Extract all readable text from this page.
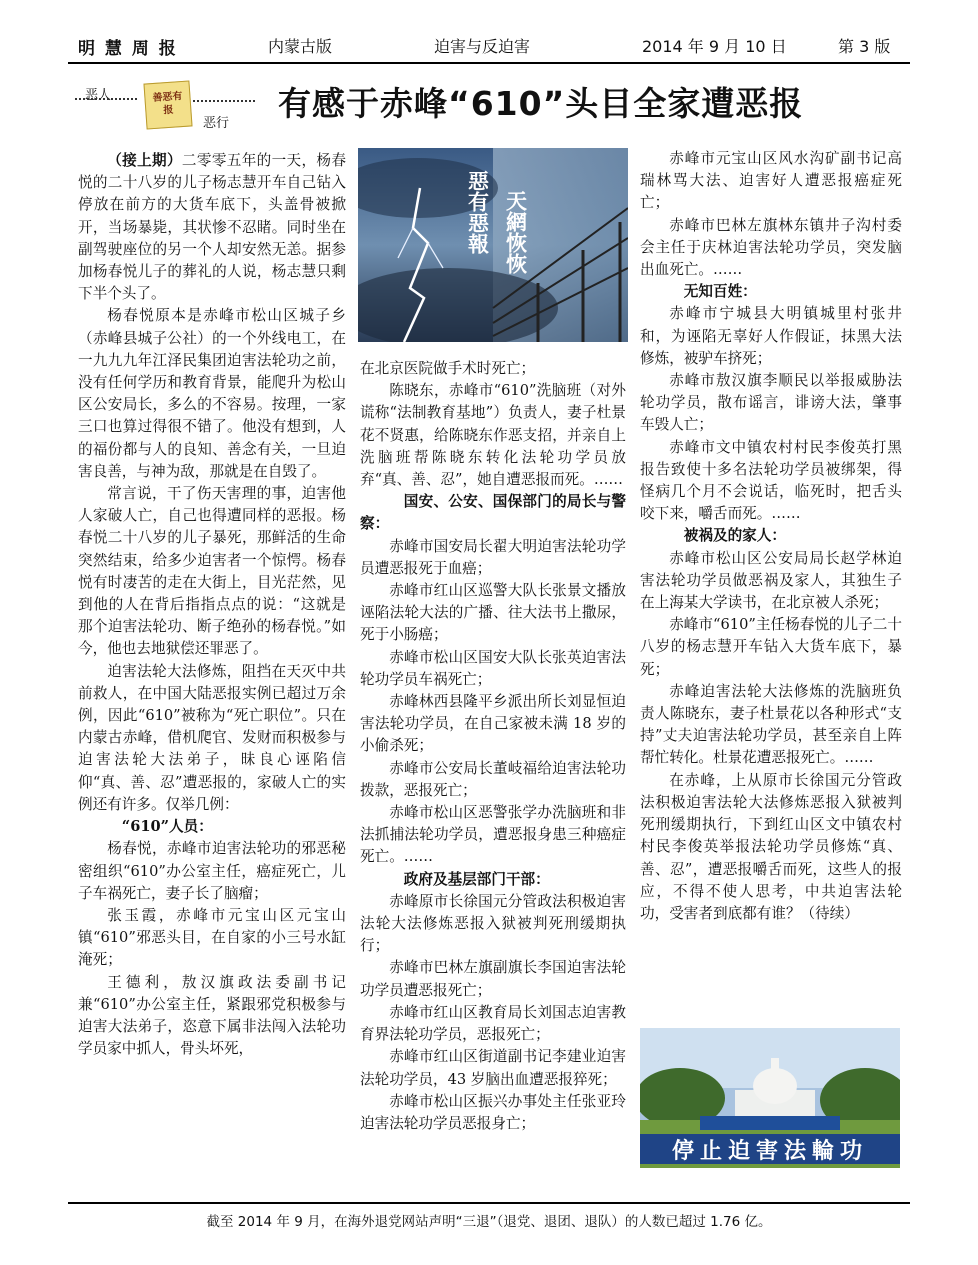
明 慧 周 报	内蒙古版	迫害与反迫害	2014 年 9 月 10 日	第 3 版
恶人	善恶有报
恶行
有感于赤峰“610”头目全家遭恶报

（接上期）二零零五年的一天，杨春悦的二十八岁的儿子杨志慧开车自己钻入停放在前方的大货车底下，头盖骨被掀开，当场暴毙，其状惨不忍睹。同时坐在副驾驶座位的另一个人却安然无恙。据参加杨春悦儿子的葬礼的人说，杨志慧只剩下半个头了。

杨春悦原本是赤峰市松山区城子乡（赤峰县城子公社）的一个外线电工，在一九九九年江泽民集团迫害法轮功之前，没有任何学历和教育背景，能爬升为松山区公安局长，多么的不容易。按理，一家三口也算过得很不错了。他没有想到，人的福份都与人的良知、善念有关，一旦迫害良善，与神为敌，那就是在自毁了。

常言说，干了伤天害理的事，迫害他人家破人亡，自己也得遭同样的恶报。杨春悦二十八岁的儿子暴死，那鲜活的生命突然结束，给多少迫害者一个惊愕。杨春悦有时凄苦的走在大街上，目光茫然，见到他的人在背后指指点点的说：“这就是那个迫害法轮功、断子绝孙的杨春悦。”如今，他也去地狱偿还罪恶了。

迫害法轮大法修炼，阻挡在天灭中共前救人，在中国大陆恶报实例已超过万余例，因此“610”被称为“死亡职位”。只在内蒙古赤峰，借机爬官、发财而积极参与迫害法轮大法弟子，昧良心诬陷信仰“真、善、忍”遭恶报的，家破人亡的实例还有许多。仅举几例：

“610”人员：

杨春悦，赤峰市迫害法轮功的邪恶秘密组织“610”办公室主任，癌症死亡，儿子车祸死亡，妻子长了脑瘤；

张玉霞，赤峰市元宝山区元宝山镇“610”邪恶头目，在自家的小三号水缸淹死；

王德利，敖汉旗政法委副书记兼“610”办公室主任，紧跟邪党积极参与迫害大法弟子，恣意下属非法闯入法轮功学员家中抓人，骨头坏死，

天網恢恢
惡有惡報

在北京医院做手术时死亡；

陈晓东，赤峰市“610”洗脑班（对外谎称“法制教育基地”）负责人，妻子杜景花不贤惠，给陈晓东作恶支招，并亲自上洗脑班帮陈晓东转化法轮功学员放弃“真、善、忍”，她自遭恶报而死。……

国安、公安、国保部门的局长与警察：

赤峰市国安局长翟大明迫害法轮功学员遭恶报死于血癌；

赤峰市红山区巡警大队长张景文播放诬陷法轮大法的广播、往大法书上撒尿，死于小肠癌；

赤峰市松山区国安大队长张英迫害法轮功学员车祸死亡；

赤峰林西县隆平乡派出所长刘显恒迫害法轮功学员，在自己家被未满 18 岁的小偷杀死；

赤峰市公安局长董岐福给迫害法轮功拨款，恶报死亡；

赤峰市松山区恶警张学办洗脑班和非法抓捕法轮功学员，遭恶报身患三种癌症死亡。……

政府及基层部门干部：

赤峰原市长徐国元分管政法积极迫害法轮大法修炼恶报入狱被判死刑缓期执行；

赤峰市巴林左旗副旗长李国迫害法轮功学员遭恶报死亡；

赤峰市红山区教育局长刘国志迫害教育界法轮功学员，恶报死亡；

赤峰市红山区街道副书记李建业迫害法轮功学员，43 岁脑出血遭恶报猝死；

赤峰市松山区振兴办事处主任张亚玲迫害法轮功学员恶报身亡；

赤峰市元宝山区风水沟矿副书记高瑞林骂大法、迫害好人遭恶报癌症死亡；

赤峰市巴林左旗林东镇井子沟村委会主任于庆林迫害法轮功学员，突发脑出血死亡。……

无知百姓：

赤峰市宁城县大明镇城里村张井和，为诬陷无辜好人作假证，抹黑大法修炼，被驴车挤死；

赤峰市敖汉旗李顺民以举报威胁法轮功学员，散布谣言，诽谤大法，肇事车毁人亡；

赤峰市文中镇农村村民李俊英打黑报告致使十多名法轮功学员被绑架，得怪病几个月不会说话，临死时，把舌头咬下来，嚼舌而死。……

被祸及的家人：

赤峰市松山区公安局局长赵学林迫害法轮功学员做恶祸及家人，其独生子在上海某大学读书，在北京被人杀死；

赤峰市“610”主任杨春悦的儿子二十八岁的杨志慧开车钻入大货车底下，暴死；

赤峰迫害法轮大法修炼的洗脑班负责人陈晓东，妻子杜景花以各种形式“支持”丈夫迫害法轮功学员，甚至亲自上阵帮忙转化。杜景花遭恶报死亡。……

在赤峰，上从原市长徐国元分管政法积极迫害法轮大法修炼恶报入狱被判死刑缓期执行，下到红山区文中镇农村村民李俊英举报法轮功学员修炼“真、善、忍”，遭恶报嚼舌而死，这些人的报应，不得不使人思考，中共迫害法轮功，受害者到底都有谁？（待续）

停止迫害法輪功
截至 2014 年 9 月，在海外退党网站声明“三退”（退党、退团、退队）的人数已超过 1.76 亿。
